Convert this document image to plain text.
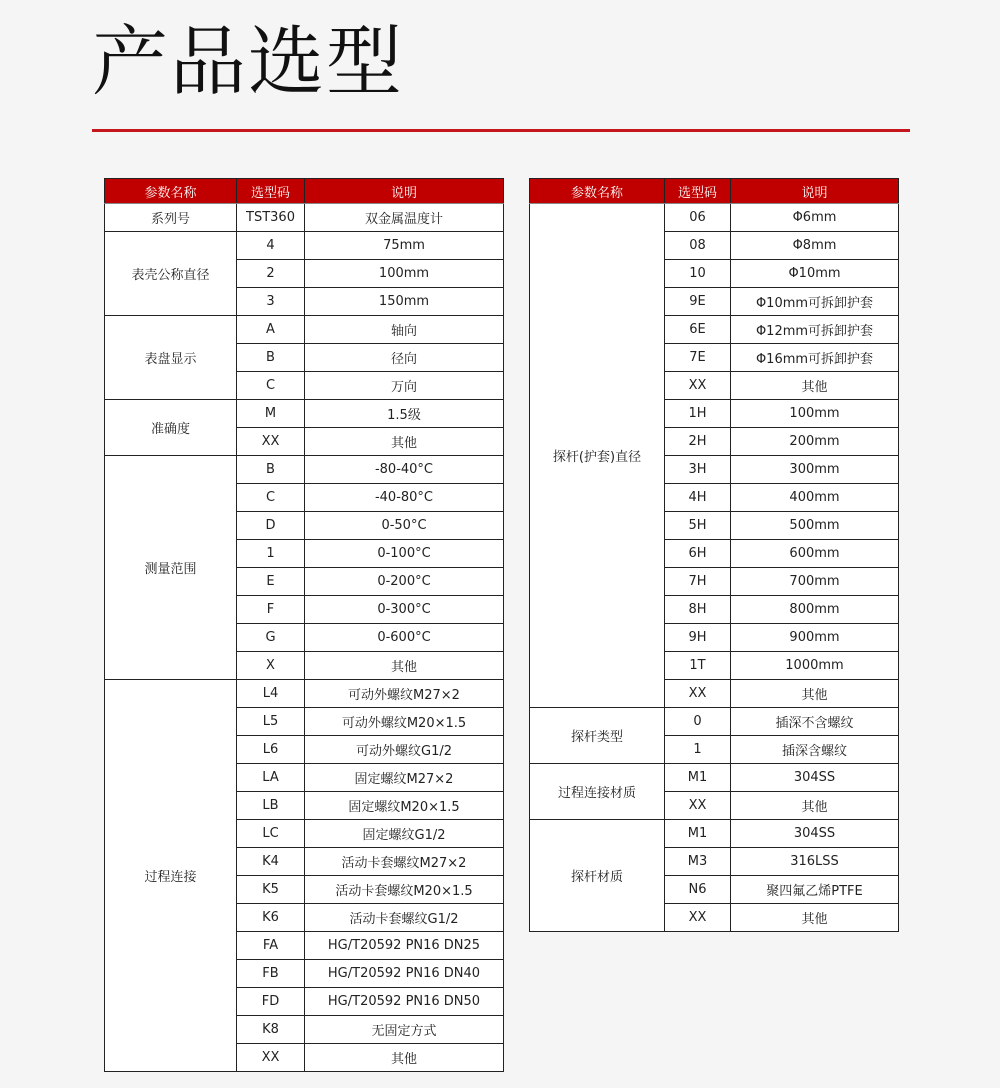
产品选型
参数名称	选型码	说明
系列号	TST360	双金属温度计
表壳公称直径	4	75mm
	2	100mm
	3	150mm
表盘显示	A	轴向
	B	径向
	C	万向
准确度	M	1.5级
	XX	其他
测量范围	B	-80-40°C
	C	-40-80°C
	D	0-50°C
	1	0-100°C
	E	0-200°C
	F	0-300°C
	G	0-600°C
	X	其他
过程连接	L4	可动外螺纹M27×2
	L5	可动外螺纹M20×1.5
	L6	可动外螺纹G1/2
	LA	固定螺纹M27×2
	LB	固定螺纹M20×1.5
	LC	固定螺纹G1/2
	K4	活动卡套螺纹M27×2
	K5	活动卡套螺纹M20×1.5
	K6	活动卡套螺纹G1/2
	FA	HG/T20592 PN16 DN25
	FB	HG/T20592 PN16 DN40
	FD	HG/T20592 PN16 DN50
	K8	无固定方式
	XX	其他
参数名称	选型码	说明
探杆(护套)直径	06	Φ6mm
	08	Φ8mm
	10	Φ10mm
	9E	Φ10mm可拆卸护套
	6E	Φ12mm可拆卸护套
	7E	Φ16mm可拆卸护套
	XX	其他
	1H	100mm
	2H	200mm
	3H	300mm
	4H	400mm
	5H	500mm
	6H	600mm
	7H	700mm
	8H	800mm
	9H	900mm
	1T	1000mm
	XX	其他
探杆类型	0	插深不含螺纹
	1	插深含螺纹
过程连接材质	M1	304SS
	XX	其他
探杆材质	M1	304SS
	M3	316LSS
	N6	聚四氟乙烯PTFE
	XX	其他
